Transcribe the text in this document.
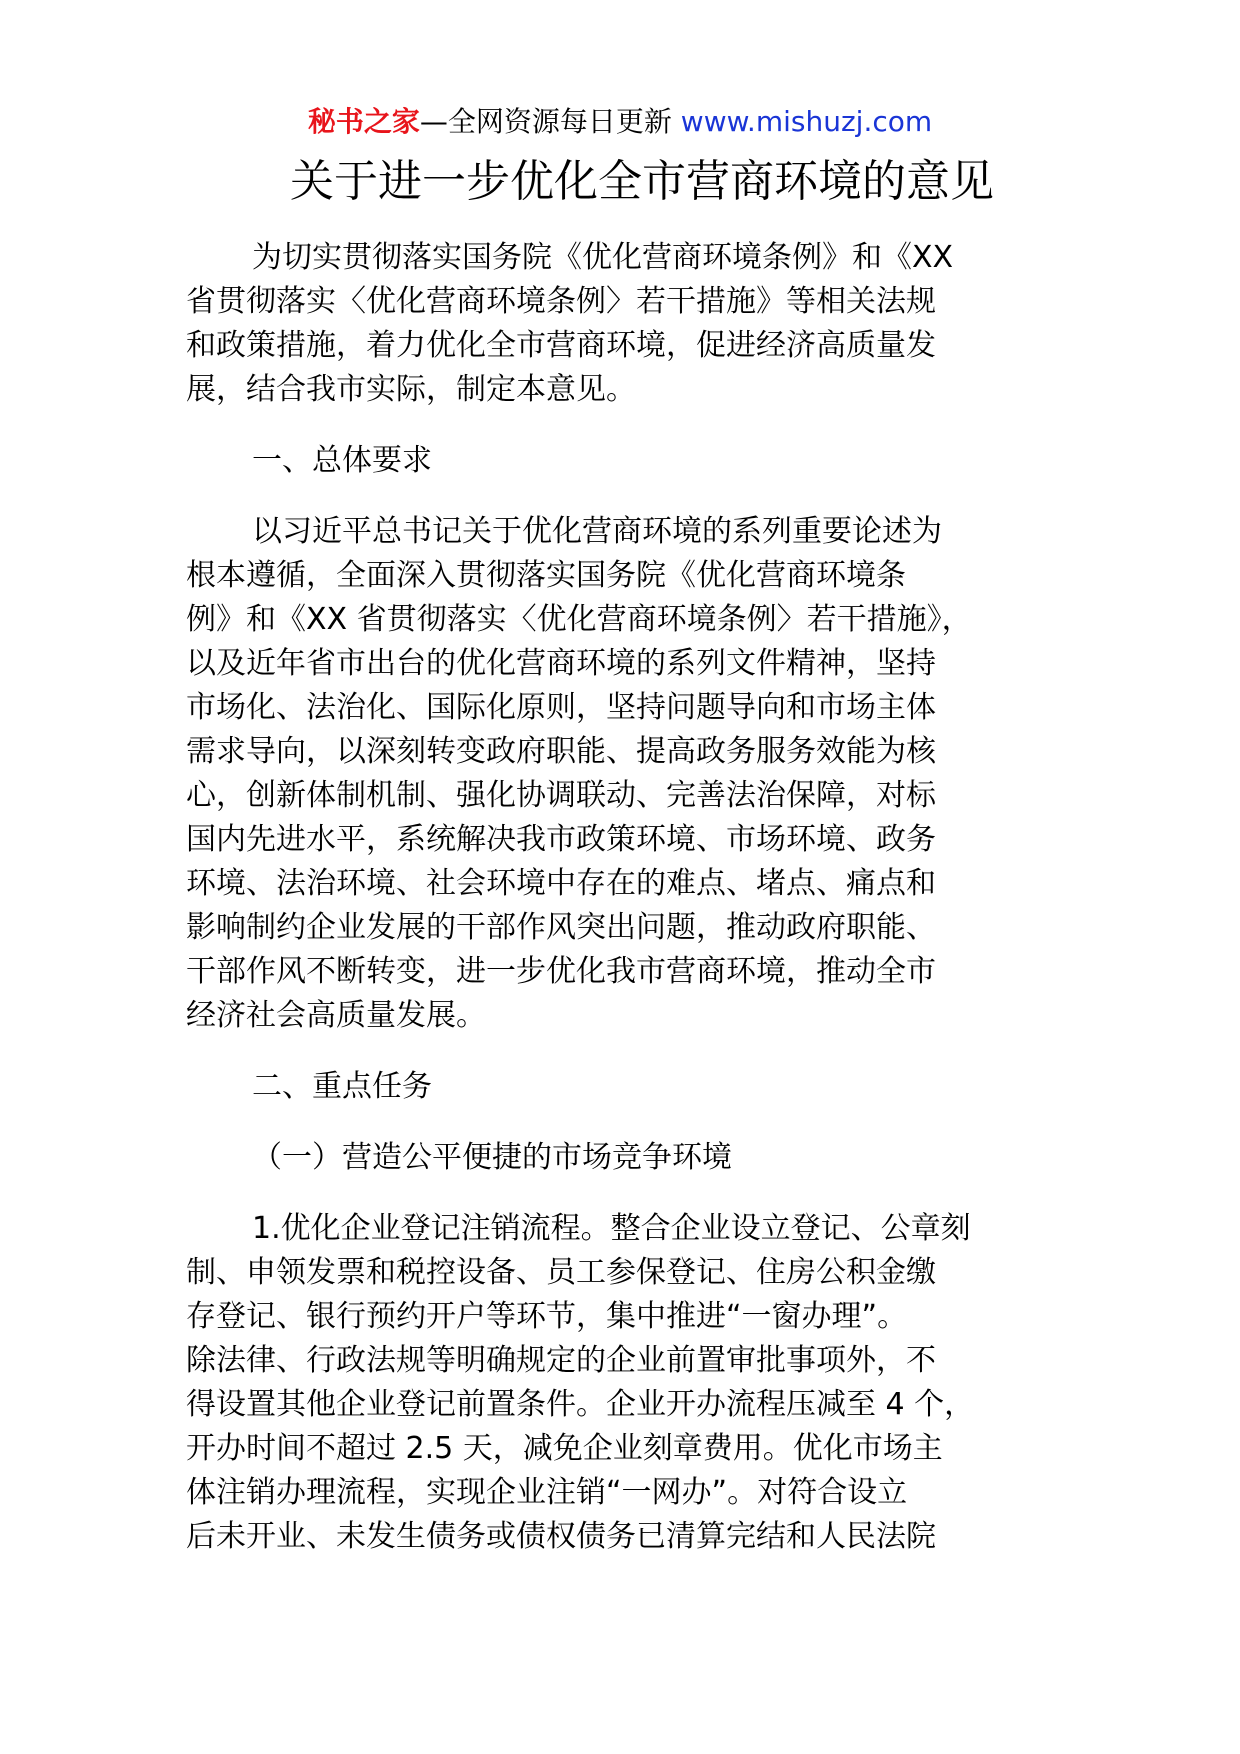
秘书之家—全网资源每日更新 www.mishuzj.com
关于进一步优化全市营商环境的意见
为切实贯彻落实国务院《优化营商环境条例》和《XX
省贯彻落实〈优化营商环境条例〉若干措施》等相关法规
和政策措施，着力优化全市营商环境，促进经济高质量发
展，结合我市实际，制定本意见。
一、总体要求
以习近平总书记关于优化营商环境的系列重要论述为
根本遵循，全面深入贯彻落实国务院《优化营商环境条
例》和《XX 省贯彻落实〈优化营商环境条例〉若干措施》，
以及近年省市出台的优化营商环境的系列文件精神，坚持
市场化、法治化、国际化原则，坚持问题导向和市场主体
需求导向，以深刻转变政府职能、提高政务服务效能为核
心，创新体制机制、强化协调联动、完善法治保障，对标
国内先进水平，系统解决我市政策环境、市场环境、政务
环境、法治环境、社会环境中存在的难点、堵点、痛点和
影响制约企业发展的干部作风突出问题，推动政府职能、
干部作风不断转变，进一步优化我市营商环境，推动全市
经济社会高质量发展。
二、重点任务
（一）营造公平便捷的市场竞争环境
1.优化企业登记注销流程。整合企业设立登记、公章刻
制、申领发票和税控设备、员工参保登记、住房公积金缴
存登记、银行预约开户等环节，集中推进“一窗办理”。
除法律、行政法规等明确规定的企业前置审批事项外，不
得设置其他企业登记前置条件。企业开办流程压减至 4 个，
开办时间不超过 2.5 天，减免企业刻章费用。优化市场主
体注销办理流程，实现企业注销“一网办”。对符合设立
后未开业、未发生债务或债权债务已清算完结和人民法院
